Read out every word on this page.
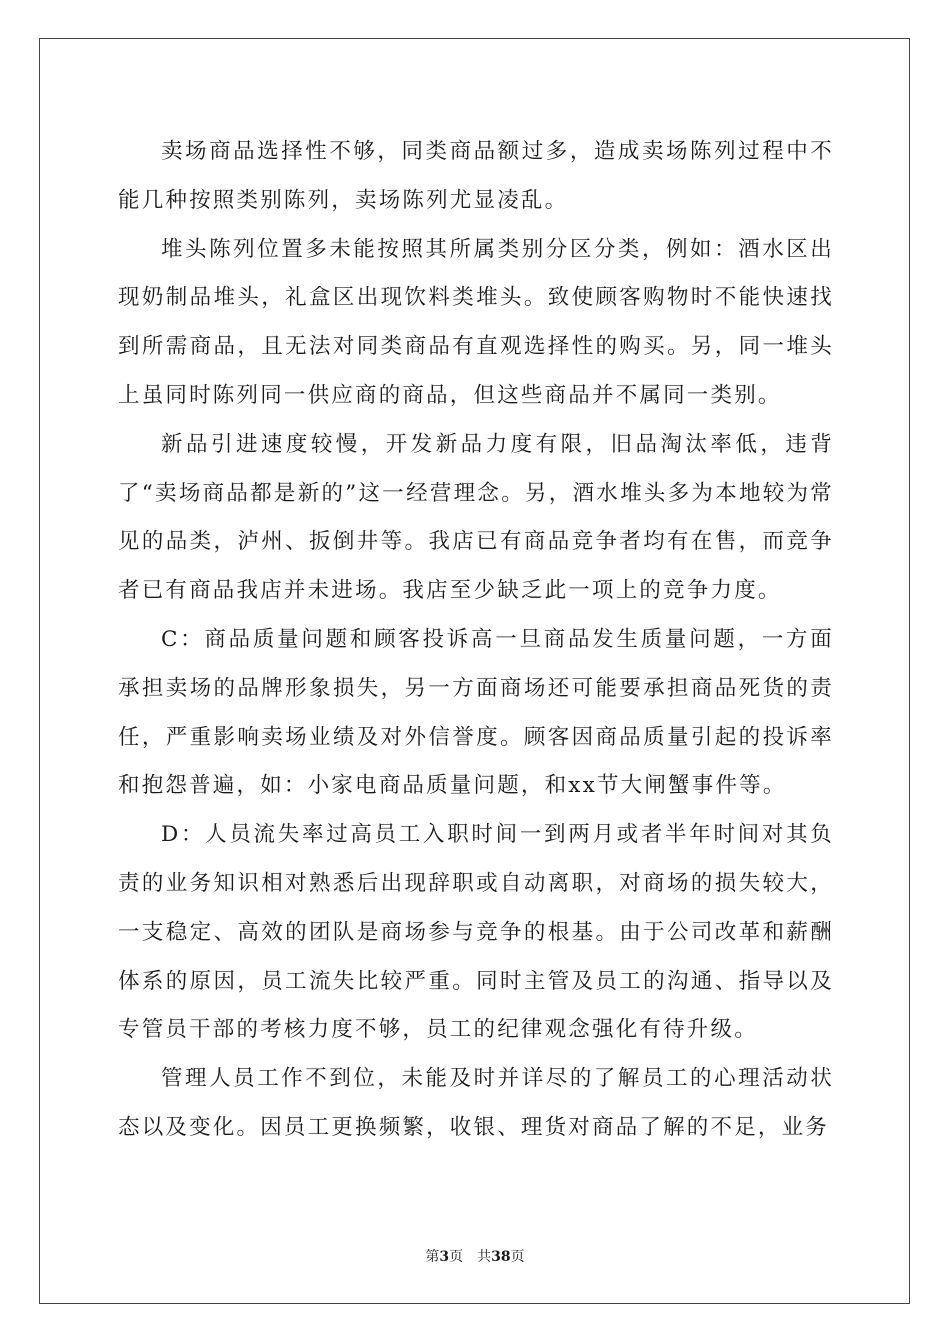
卖场商品选择性不够，同类商品额过多，造成卖场陈列过程中不能几种按照类别陈列，卖场陈列尤显凌乱。

堆头陈列位置多未能按照其所属类别分区分类，例如：酒水区出现奶制品堆头，礼盒区出现饮料类堆头。致使顾客购物时不能快速找到所需商品，且无法对同类商品有直观选择性的购买。另，同一堆头上虽同时陈列同一供应商的商品，但这些商品并不属同一类别。

新品引进速度较慢，开发新品力度有限，旧品淘汰率低，违背了“卖场商品都是新的”这一经营理念。另，酒水堆头多为本地较为常见的品类，泸州、扳倒井等。我店已有商品竞争者均有在售，而竞争者已有商品我店并未进场。我店至少缺乏此一项上的竞争力度。

C：商品质量问题和顾客投诉高一旦商品发生质量问题，一方面承担卖场的品牌形象损失，另一方面商场还可能要承担商品死货的责任，严重影响卖场业绩及对外信誉度。顾客因商品质量引起的投诉率和抱怨普遍，如：小家电商品质量问题，和xx节大闸蟹事件等。

D：人员流失率过高员工入职时间一到两月或者半年时间对其负责的业务知识相对熟悉后出现辞职或自动离职，对商场的损失较大，一支稳定、高效的团队是商场参与竞争的根基。由于公司改革和薪酬体系的原因，员工流失比较严重。同时主管及员工的沟通、指导以及专管员干部的考核力度不够，员工的纪律观念强化有待升级。

管理人员工作不到位，未能及时并详尽的了解员工的心理活动状态以及变化。因员工更换频繁，收银、理货对商品了解的不足，业务

第3页 共38页
